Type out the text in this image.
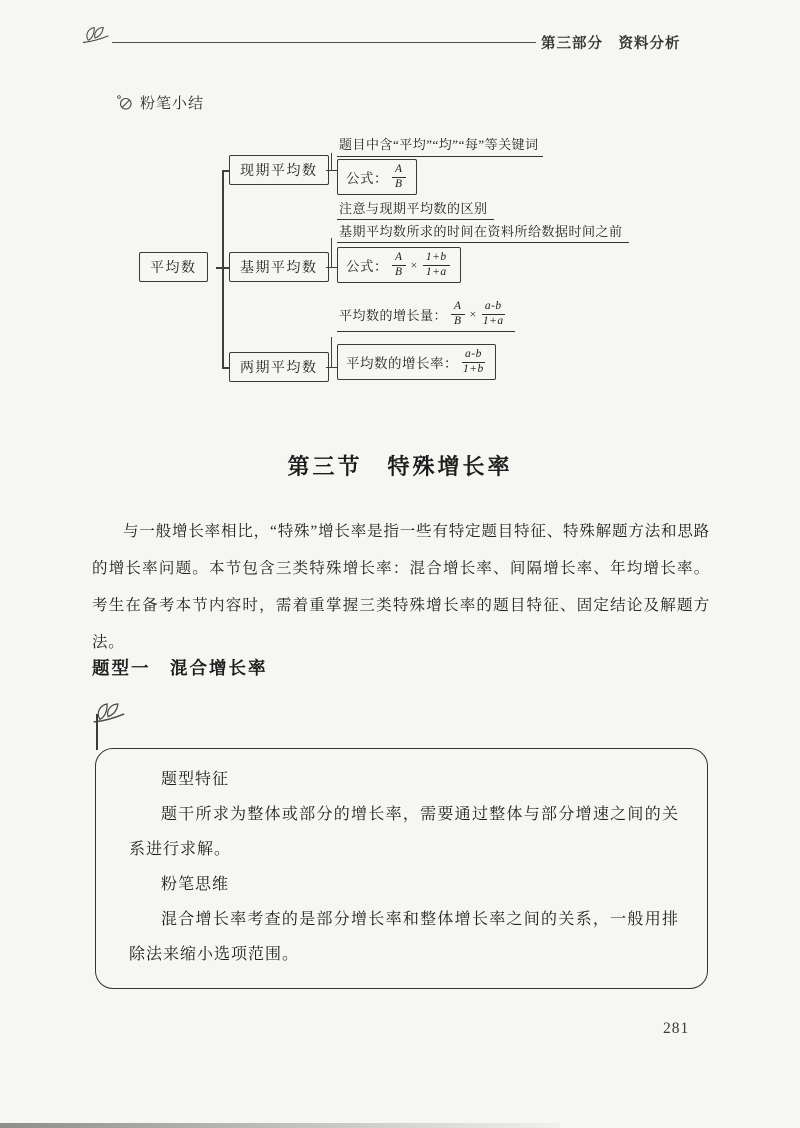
第三部分　资料分析
粉笔小结
平均数
现期平均数
基期平均数
两期平均数
题目中含“平均”“均”“每”等关键词
公式： $\frac{A}{B}$
注意与现期平均数的区别
基期平均数所求的时间在资料所给数据时间之前
公式： $\frac{A}{B} \times \frac{1+b}{1+a}$
平均数的增长量： $\frac{A}{B} \times \frac{a-b}{1+a}$
平均数的增长率： $\frac{a-b}{1+b}$
第三节　特殊增长率

与一般增长率相比，“特殊”增长率是指一些有特定题目特征、特殊解题方法和思路的增长率问题。本节包含三类特殊增长率：混合增长率、间隔增长率、年均增长率。考生在备考本节内容时，需着重掌握三类特殊增长率的题目特征、固定结论及解题方法。

题型一　混合增长率

题型特征

题干所求为整体或部分的增长率，需要通过整体与部分增速之间的关系进行求解。

粉笔思维

混合增长率考查的是部分增长率和整体增长率之间的关系，一般用排除法来缩小选项范围。

281
